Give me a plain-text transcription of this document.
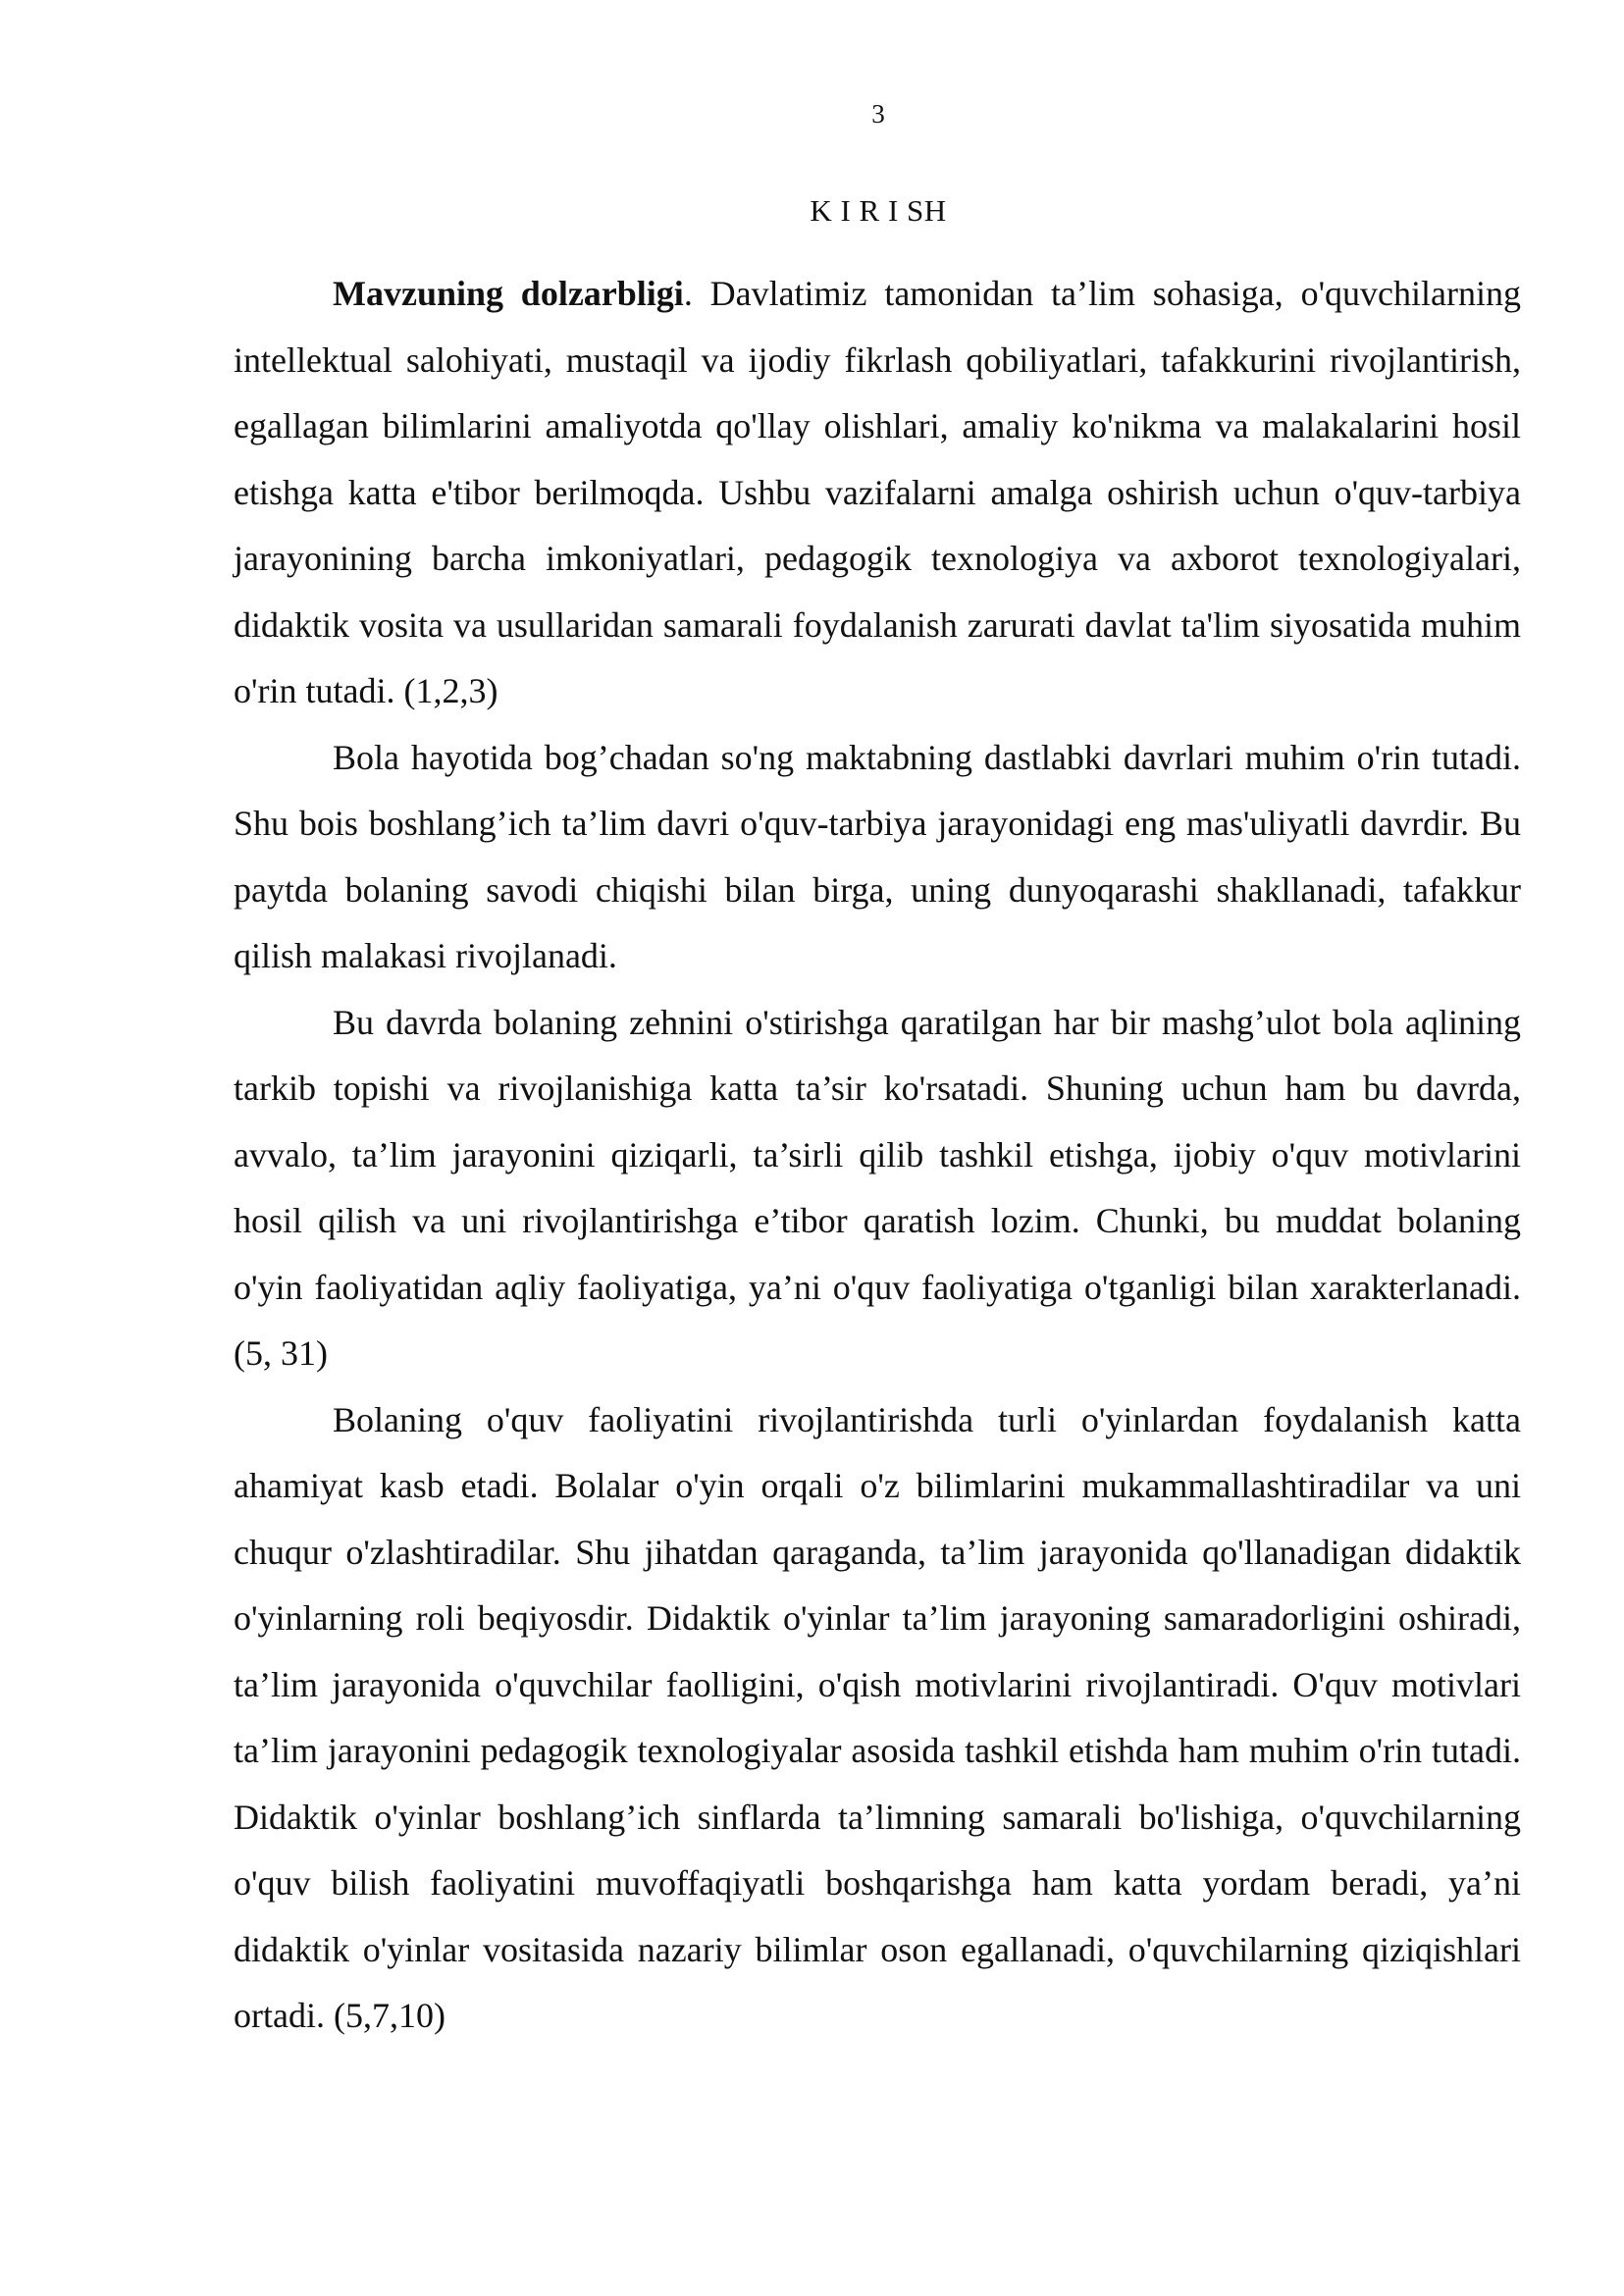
3
K I R I SH

Mavzuning dolzarbligi. Davlatimiz tamonidan ta’lim sohasiga, o'quvchilarning intellektual salohiyati, mustaqil va ijodiy fikrlash qobiliyatlari, tafakkurini rivojlantirish, egallagan bilimlarini amaliyotda qo'llay olishlari, amaliy ko'nikma va malakalarini hosil etishga katta e'tibor berilmoqda. Ushbu vazifalarni amalga oshirish uchun o'quv-tarbiya jarayonining barcha imkoniyatlari, pedagogik texnologiya va axborot texnologiyalari, didaktik vosita va usullaridan samarali foydalanish zarurati davlat ta'lim siyosatida muhim o'rin tutadi. (1,2,3)

Bola hayotida bog’chadan so'ng maktabning dastlabki davrlari muhim o'rin tutadi. Shu bois boshlang’ich ta’lim davri o'quv-tarbiya jarayonidagi eng mas'uliyatli davrdir. Bu paytda bolaning savodi chiqishi bilan birga, uning dunyoqarashi shakllanadi, tafakkur qilish malakasi rivojlanadi.

Bu davrda bolaning zehnini o'stirishga qaratilgan har bir mashg’ulot bola aqlining tarkib topishi va rivojlanishiga katta ta’sir ko'rsatadi. Shuning uchun ham bu davrda, avvalo, ta’lim jarayonini qiziqarli, ta’sirli qilib tashkil etishga, ijobiy o'quv motivlarini hosil qilish va uni rivojlantirishga e’tibor qaratish lozim. Chunki, bu muddat bolaning o'yin faoliyatidan aqliy faoliyatiga, ya’ni o'quv faoliyatiga o'tganligi bilan xarakterlanadi. (5, 31)

Bolaning o'quv faoliyatini rivojlantirishda turli o'yinlardan foydalanish katta ahamiyat kasb etadi. Bolalar o'yin orqali o'z bilimlarini mukammallashtiradilar va uni chuqur o'zlashtiradilar. Shu jihatdan qaraganda, ta’lim jarayonida qo'llanadigan didaktik o'yinlarning roli beqiyosdir. Didaktik o'yinlar ta’lim jarayoning samaradorligini oshiradi, ta’lim jarayonida o'quvchilar faolligini, o'qish motivlarini rivojlantiradi. O'quv motivlari ta’lim jarayonini pedagogik texnologiyalar asosida tashkil etishda ham muhim o'rin tutadi. Didaktik o'yinlar boshlang’ich sinflarda ta’limning samarali bo'lishiga, o'quvchilarning o'quv bilish faoliyatini muvoffaqiyatli boshqarishga ham katta yordam beradi, ya’ni didaktik o'yinlar vositasida nazariy bilimlar oson egallanadi, o'quvchilarning qiziqishlari ortadi. (5,7,10)
